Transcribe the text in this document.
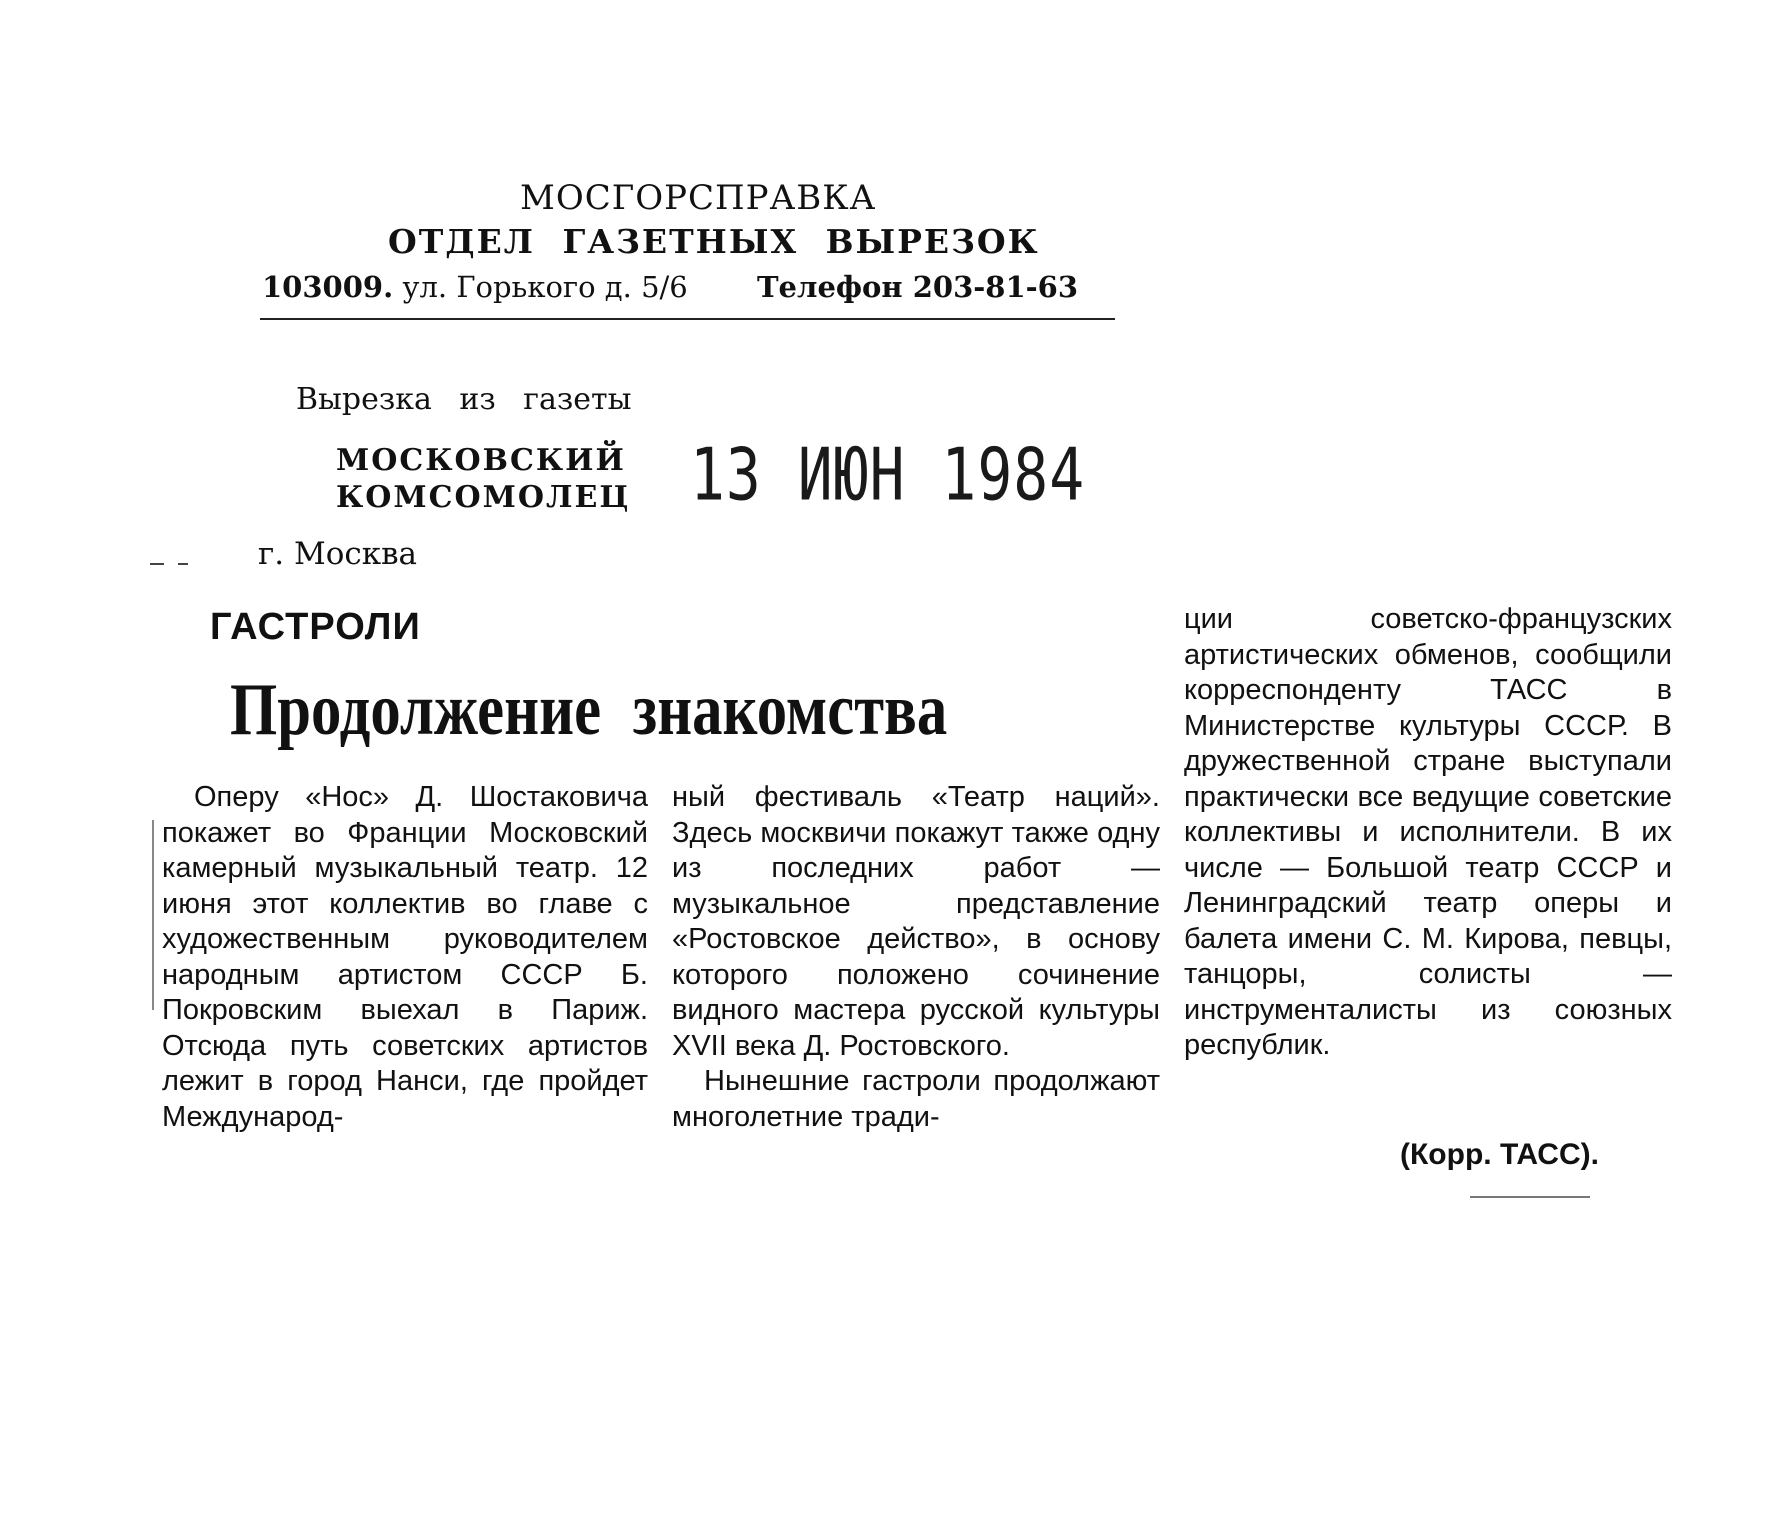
МОСГОРСПРАВКА
ОТДЕЛ ГАЗЕТНЫХ ВЫРЕЗОК
103009. ул. Горького д. 5/6 Телефон 203-81-63
Вырезка из газеты
МОСКОВСКИЙ
КОМСОМОЛЕЦ 13 ИЮН 1984
г. Москва
ГАСТРОЛИ
Продолжение знакомства

Оперу «Нос» Д. Шостаковича покажет во Франции Московский камерный музыкальный театр. 12 июня этот коллектив во главе с художественным руководителем народным артистом СССР Б. Покровским выехал в Париж. Отсюда путь советских артистов лежит в город Нанси, где пройдет Международ-

ный фестиваль «Театр наций». Здесь москвичи покажут также одну из последних работ — музыкальное представление «Ростовское действо», в основу которого положено сочинение видного мастера русской культуры XVII века Д. Ростовского.

Нынешние гастроли продолжают многолетние тради-

ции советско-французских артистических обменов, сообщили корреспонденту ТАСС в Министерстве культуры СССР. В дружественной стране выступали практически все ведущие советские коллективы и исполнители. В их числе — Большой театр СССР и Ленинградский театр оперы и балета имени С. М. Кирова, певцы, танцоры, солисты — инструменталисты из союзных республик.

(Корр. ТАСС).
